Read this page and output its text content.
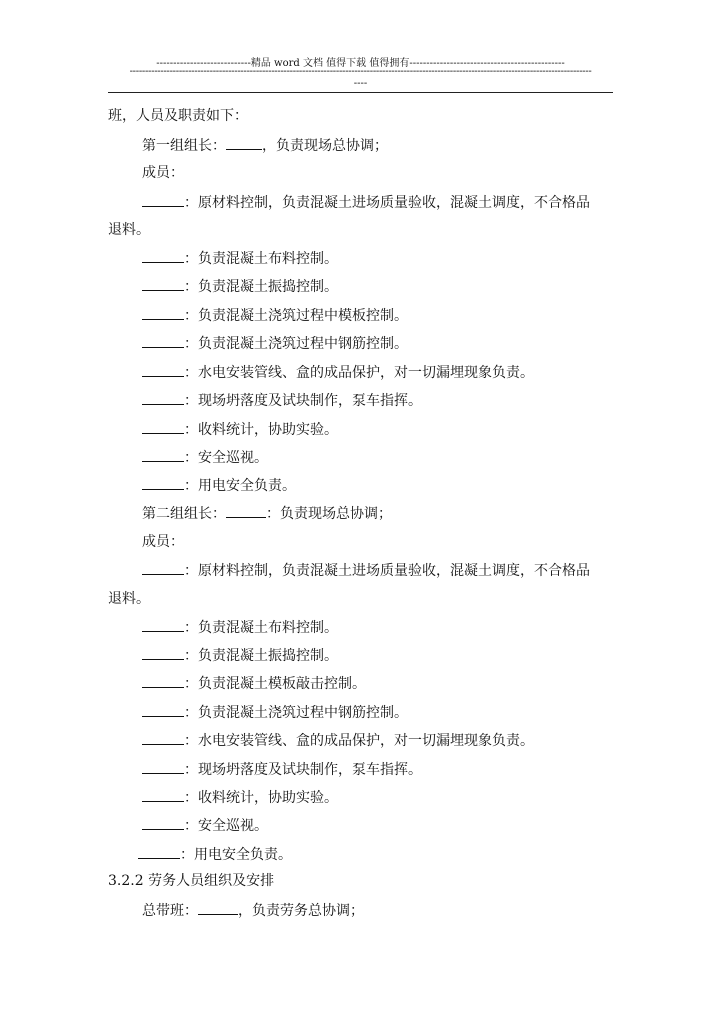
----------------------------精品 word 文档 值得下载 值得拥有----------------------------------------------
------------------------------------------------------------------------------------------------------------------------------------------------------
----
班，人员及职责如下：
第一组组长：	，负责现场总协调；
成员：
：原材料控制，负责混凝土进场质量验收，混凝土调度，不合格品
退料。
：负责混凝土布料控制。
：负责混凝土振捣控制。
：负责混凝土浇筑过程中模板控制。
：负责混凝土浇筑过程中钢筋控制。
：水电安装管线、盒的成品保护，对一切漏埋现象负责。
：现场坍落度及试块制作，泵车指挥。
：收料统计，协助实验。
：安全巡视。
：用电安全负责。
第二组组长：	：负责现场总协调；
成员：
：原材料控制，负责混凝土进场质量验收，混凝土调度，不合格品
退料。
：负责混凝土布料控制。
：负责混凝土振捣控制。
：负责混凝土模板敲击控制。
：负责混凝土浇筑过程中钢筋控制。
：水电安装管线、盒的成品保护，对一切漏埋现象负责。
：现场坍落度及试块制作，泵车指挥。
：收料统计，协助实验。
：安全巡视。
：用电安全负责。
3.2.2 劳务人员组织及安排
总带班：	，负责劳务总协调；
